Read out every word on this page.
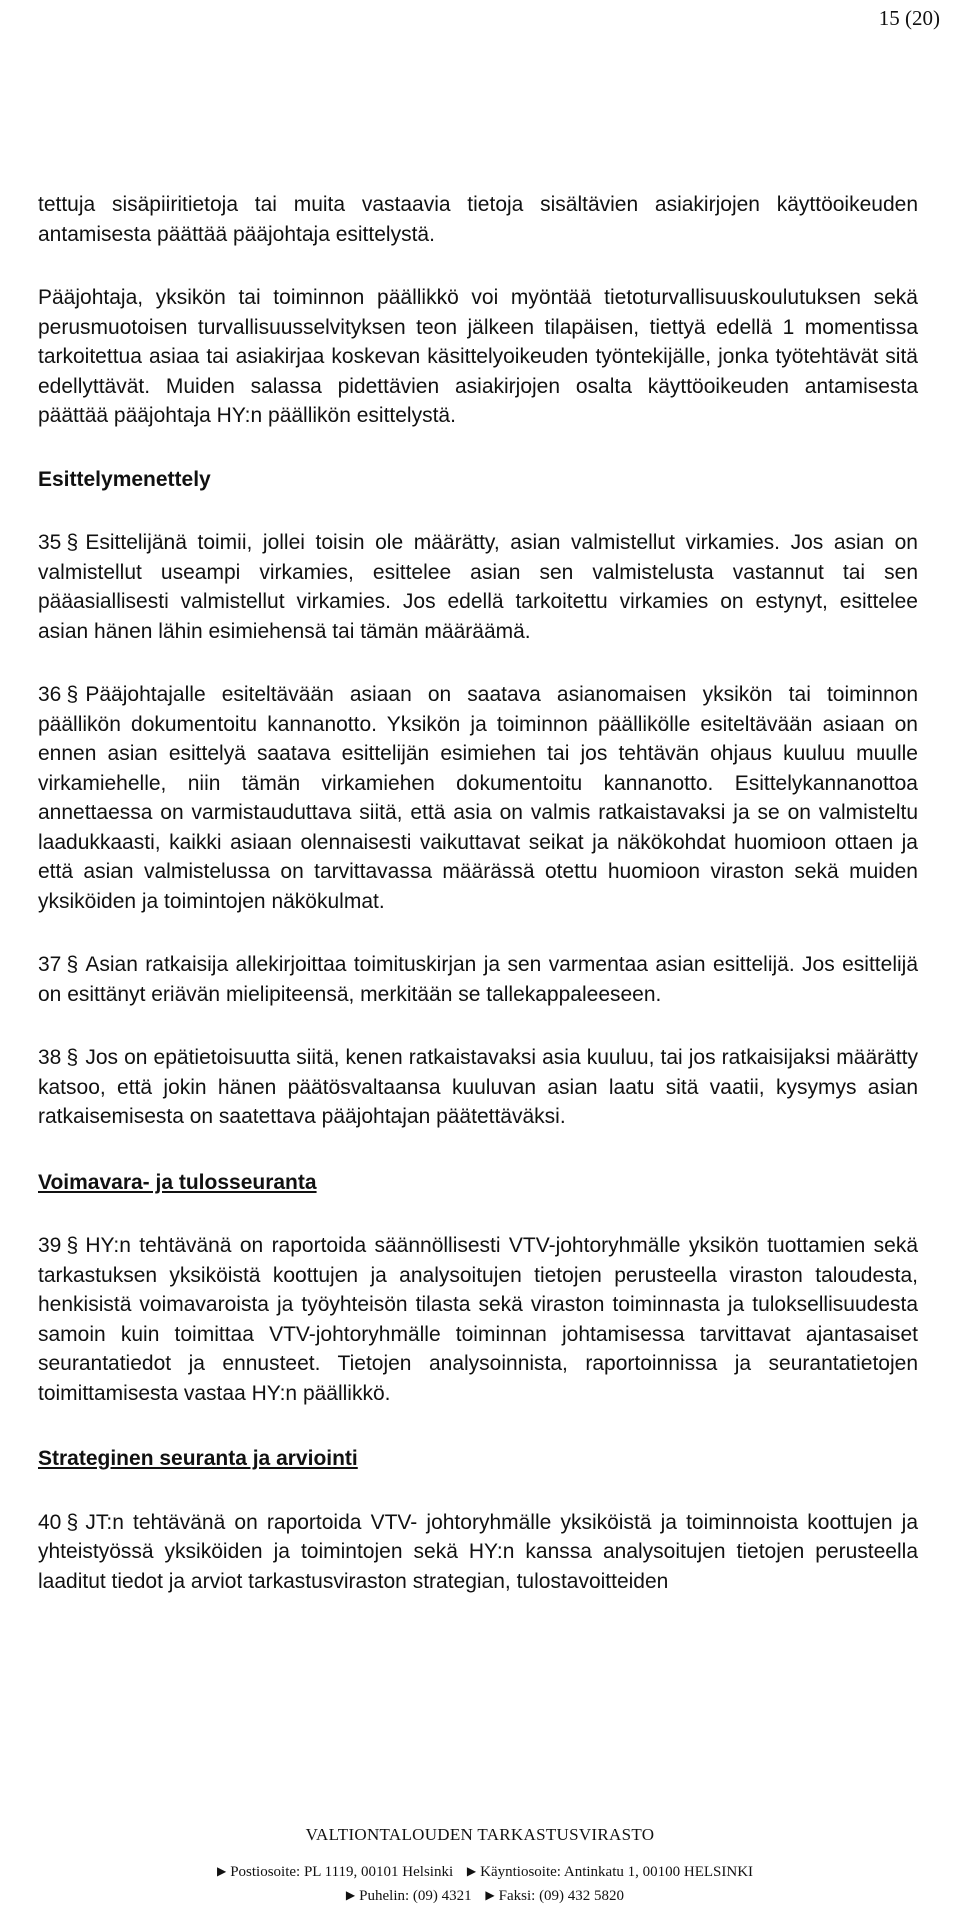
15 (20)

tettuja sisäpiiritietoja tai muita vastaavia tietoja sisältävien asiakirjojen käyttöoikeuden antamisesta päättää pääjohtaja esittelystä.

Pääjohtaja, yksikön tai toiminnon päällikkö voi myöntää tietoturvallisuuskoulutuksen sekä perusmuotoisen turvallisuusselvityksen teon jälkeen tilapäisen, tiettyä edellä 1 momentissa tarkoitettua asiaa tai asiakirjaa koskevan käsittelyoikeuden työntekijälle, jonka työtehtävät sitä edellyttävät. Muiden salassa pidettävien asiakirjojen osalta käyttöoikeuden antamisesta päättää pääjohtaja HY:n päällikön esittelystä.

Esittelymenettely

35 § Esittelijänä toimii, jollei toisin ole määrätty, asian valmistellut virkamies. Jos asian on valmistellut useampi virkamies, esittelee asian sen valmistelusta vastannut tai sen pääasiallisesti valmistellut virkamies. Jos edellä tarkoitettu virkamies on estynyt, esittelee asian hänen lähin esimiehensä tai tämän määräämä.

36 § Pääjohtajalle esiteltävään asiaan on saatava asianomaisen yksikön tai toiminnon päällikön dokumentoitu kannanotto. Yksikön ja toiminnon päällikölle esiteltävään asiaan on ennen asian esittelyä saatava esittelijän esimiehen tai jos tehtävän ohjaus kuuluu muulle virkamiehelle, niin tämän virkamiehen dokumentoitu kannanotto. Esittelykannanottoa annettaessa on varmistauduttava siitä, että asia on valmis ratkaistavaksi ja se on valmisteltu laadukkaasti, kaikki asiaan olennaisesti vaikuttavat seikat ja näkökohdat huomioon ottaen ja että asian valmistelussa on tarvittavassa määrässä otettu huomioon viraston sekä muiden yksiköiden ja toimintojen näkökulmat.

37 § Asian ratkaisija allekirjoittaa toimituskirjan ja sen varmentaa asian esittelijä. Jos esittelijä on esittänyt eriävän mielipiteensä, merkitään se tallekappaleeseen.

38 § Jos on epätietoisuutta siitä, kenen ratkaistavaksi asia kuuluu, tai jos ratkaisijaksi määrätty katsoo, että jokin hänen päätösvaltaansa kuuluvan asian laatu sitä vaatii, kysymys asian ratkaisemisesta on saatettava pääjohtajan päätettäväksi.

Voimavara- ja tulosseuranta

39 § HY:n tehtävänä on raportoida säännöllisesti VTV-johtoryhmälle yksikön tuottamien sekä tarkastuksen yksiköistä koottujen ja analysoitujen tietojen perusteella viraston taloudesta, henkisistä voimavaroista ja työyhteisön tilasta sekä viraston toiminnasta ja tuloksellisuudesta samoin kuin toimittaa VTV-johtoryhmälle toiminnan johtamisessa tarvittavat ajantasaiset seurantatiedot ja ennusteet. Tietojen analysoinnista, raportoinnissa ja seurantatietojen toimittamisesta vastaa HY:n päällikkö.

Strateginen seuranta ja arviointi

40 § JT:n tehtävänä on raportoida VTV- johtoryhmälle yksiköistä ja toiminnoista koottujen ja yhteistyössä yksiköiden ja toimintojen sekä HY:n kanssa analysoitujen tietojen perusteella laaditut tiedot ja arviot tarkastusviraston strategian, tulostavoitteiden

VALTIONTALOUDEN TARKASTUSVIRASTO
▶ Postiosoite: PL 1119, 00101 Helsinki ▶ Käyntiosoite: Antinkatu 1, 00100 HELSINKI
▶ Puhelin: (09) 4321 ▶ Faksi: (09) 432 5820
